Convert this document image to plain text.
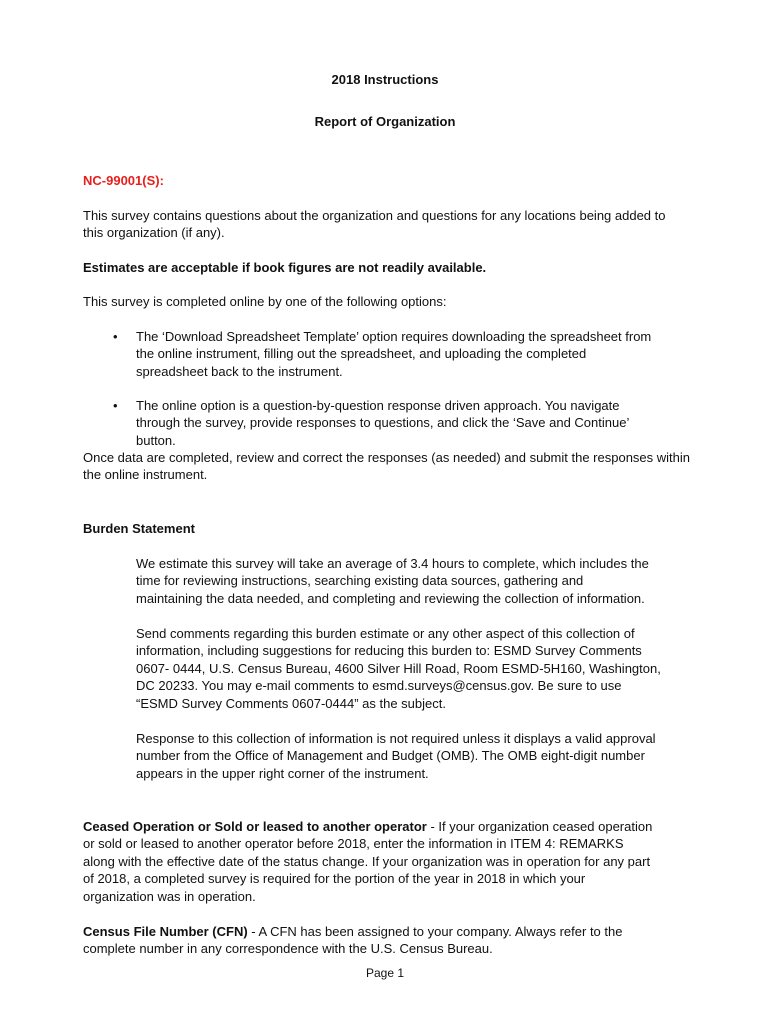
2018 Instructions
Report of Organization
NC-99001(S):
This survey contains questions about the organization and questions for any locations being added to this organization (if any).
Estimates are acceptable if book figures are not readily available.
This survey is completed online by one of the following options:
• The ‘Download Spreadsheet Template’ option requires downloading the spreadsheet from the online instrument, filling out the spreadsheet, and uploading the completed spreadsheet back to the instrument.
• The online option is a question-by-question response driven approach. You navigate through the survey, provide responses to questions, and click the ‘Save and Continue’ button.
Once data are completed, review and correct the responses (as needed) and submit the responses within the online instrument.
Burden Statement
We estimate this survey will take an average of 3.4 hours to complete, which includes the time for reviewing instructions, searching existing data sources, gathering and maintaining the data needed, and completing and reviewing the collection of information.
Send comments regarding this burden estimate or any other aspect of this collection of information, including suggestions for reducing this burden to: ESMD Survey Comments 0607- 0444, U.S. Census Bureau, 4600 Silver Hill Road, Room ESMD-5H160, Washington, DC 20233. You may e-mail comments to esmd.surveys@census.gov. Be sure to use “ESMD Survey Comments 0607-0444” as the subject.
Response to this collection of information is not required unless it displays a valid approval number from the Office of Management and Budget (OMB). The OMB eight-digit number appears in the upper right corner of the instrument.
Ceased Operation or Sold or leased to another operator - If your organization ceased operation or sold or leased to another operator before 2018, enter the information in ITEM 4: REMARKS along with the effective date of the status change. If your organization was in operation for any part of 2018, a completed survey is required for the portion of the year in 2018 in which your organization was in operation.
Census File Number (CFN) - A CFN has been assigned to your company. Always refer to the complete number in any correspondence with the U.S. Census Bureau.
Page 1
